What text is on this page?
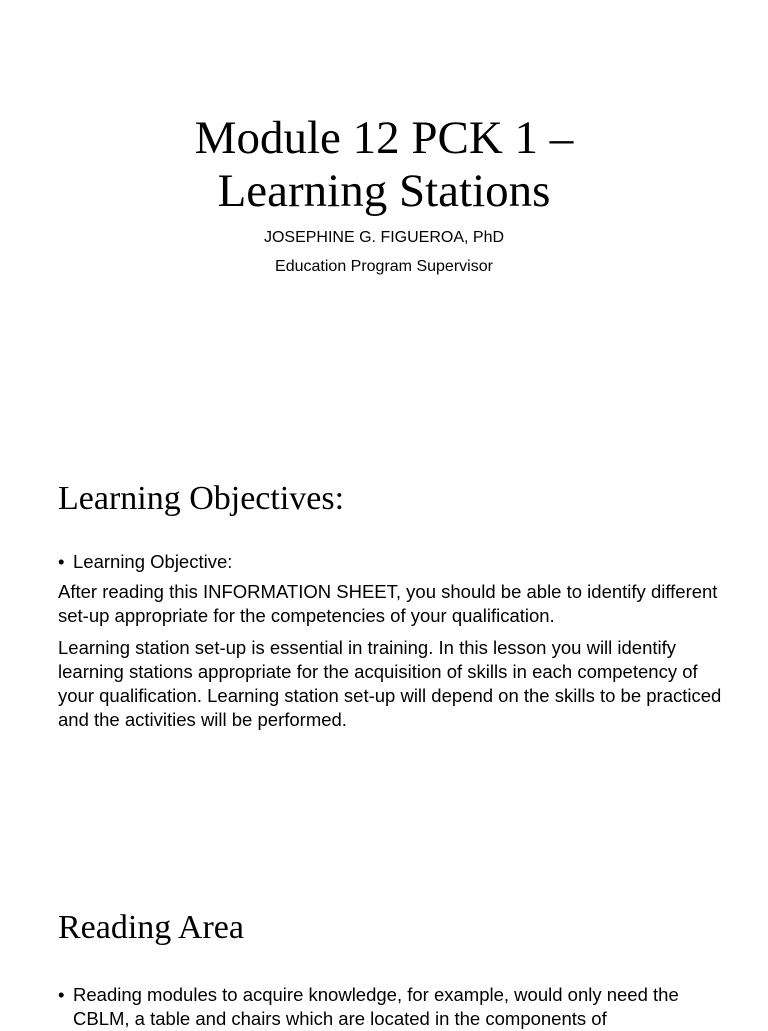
Module 12 PCK 1 –
Learning Stations
JOSEPHINE G. FIGUEROA, PhD
Education Program Supervisor
Learning Objectives:
• Learning Objective:

After reading this INFORMATION SHEET, you should be able to identify different set-up appropriate for the competencies of your qualification.

Learning station set-up is essential in training. In this lesson you will identify learning stations appropriate for the acquisition of skills in each competency of your qualification. Learning station set-up will depend on the skills to be practiced and the activities will be performed.

Reading Area
• Reading modules to acquire knowledge, for example, would only need the CBLM, a table and chairs which are located in the components of
